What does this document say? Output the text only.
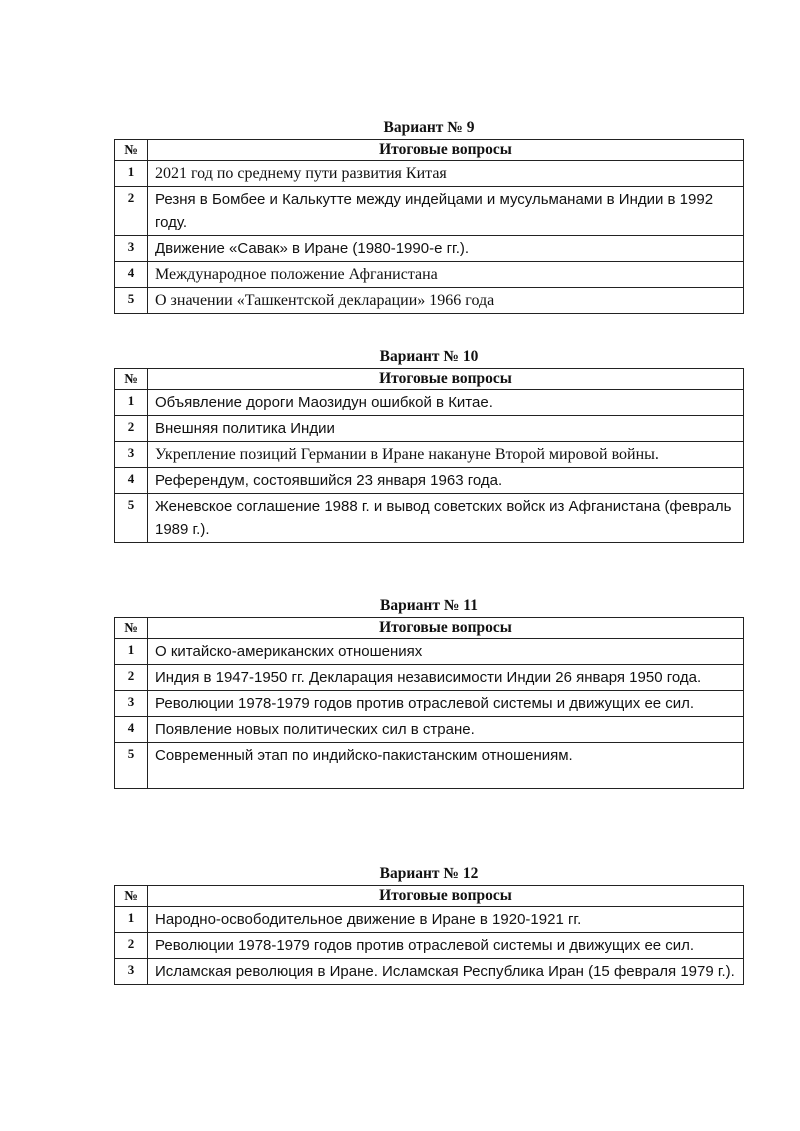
Вариант № 9
№	Итоговые вопросы
1	2021 год по среднему пути развития Китая
2	Резня в Бомбее и Калькутте между индейцами и мусульманами в Индии в 1992 году.
3	Движение «Савак» в Иране (1980-1990-е гг.).
4	Международное положение Афганистана
5	О значении «Ташкентской декларации» 1966 года
Вариант № 10
№	Итоговые вопросы
1	Объявление дороги Маозидун ошибкой в Китае.
2	Внешняя политика Индии
3	Укрепление позиций Германии в Иране накануне Второй мировой войны.
4	Референдум, состоявшийся 23 января 1963 года.
5	Женевское соглашение 1988 г. и вывод советских войск из Афганистана (февраль 1989 г.).
Вариант № 11
№	Итоговые вопросы
1	О китайско-американских отношениях
2	Индия в 1947-1950 гг. Декларация независимости Индии 26 января 1950 года.
3	Революции 1978-1979 годов против отраслевой системы и движущих ее сил.
4	Появление новых политических сил в стране.
5	Современный этап по индийско-пакистанским отношениям.
Вариант № 12
№	Итоговые вопросы
1	Народно-освободительное движение в Иране в 1920-1921 гг.
2	Революции 1978-1979 годов против отраслевой системы и движущих ее сил.
3	Исламская революция в Иране. Исламская Республика Иран (15 февраля 1979 г.).
